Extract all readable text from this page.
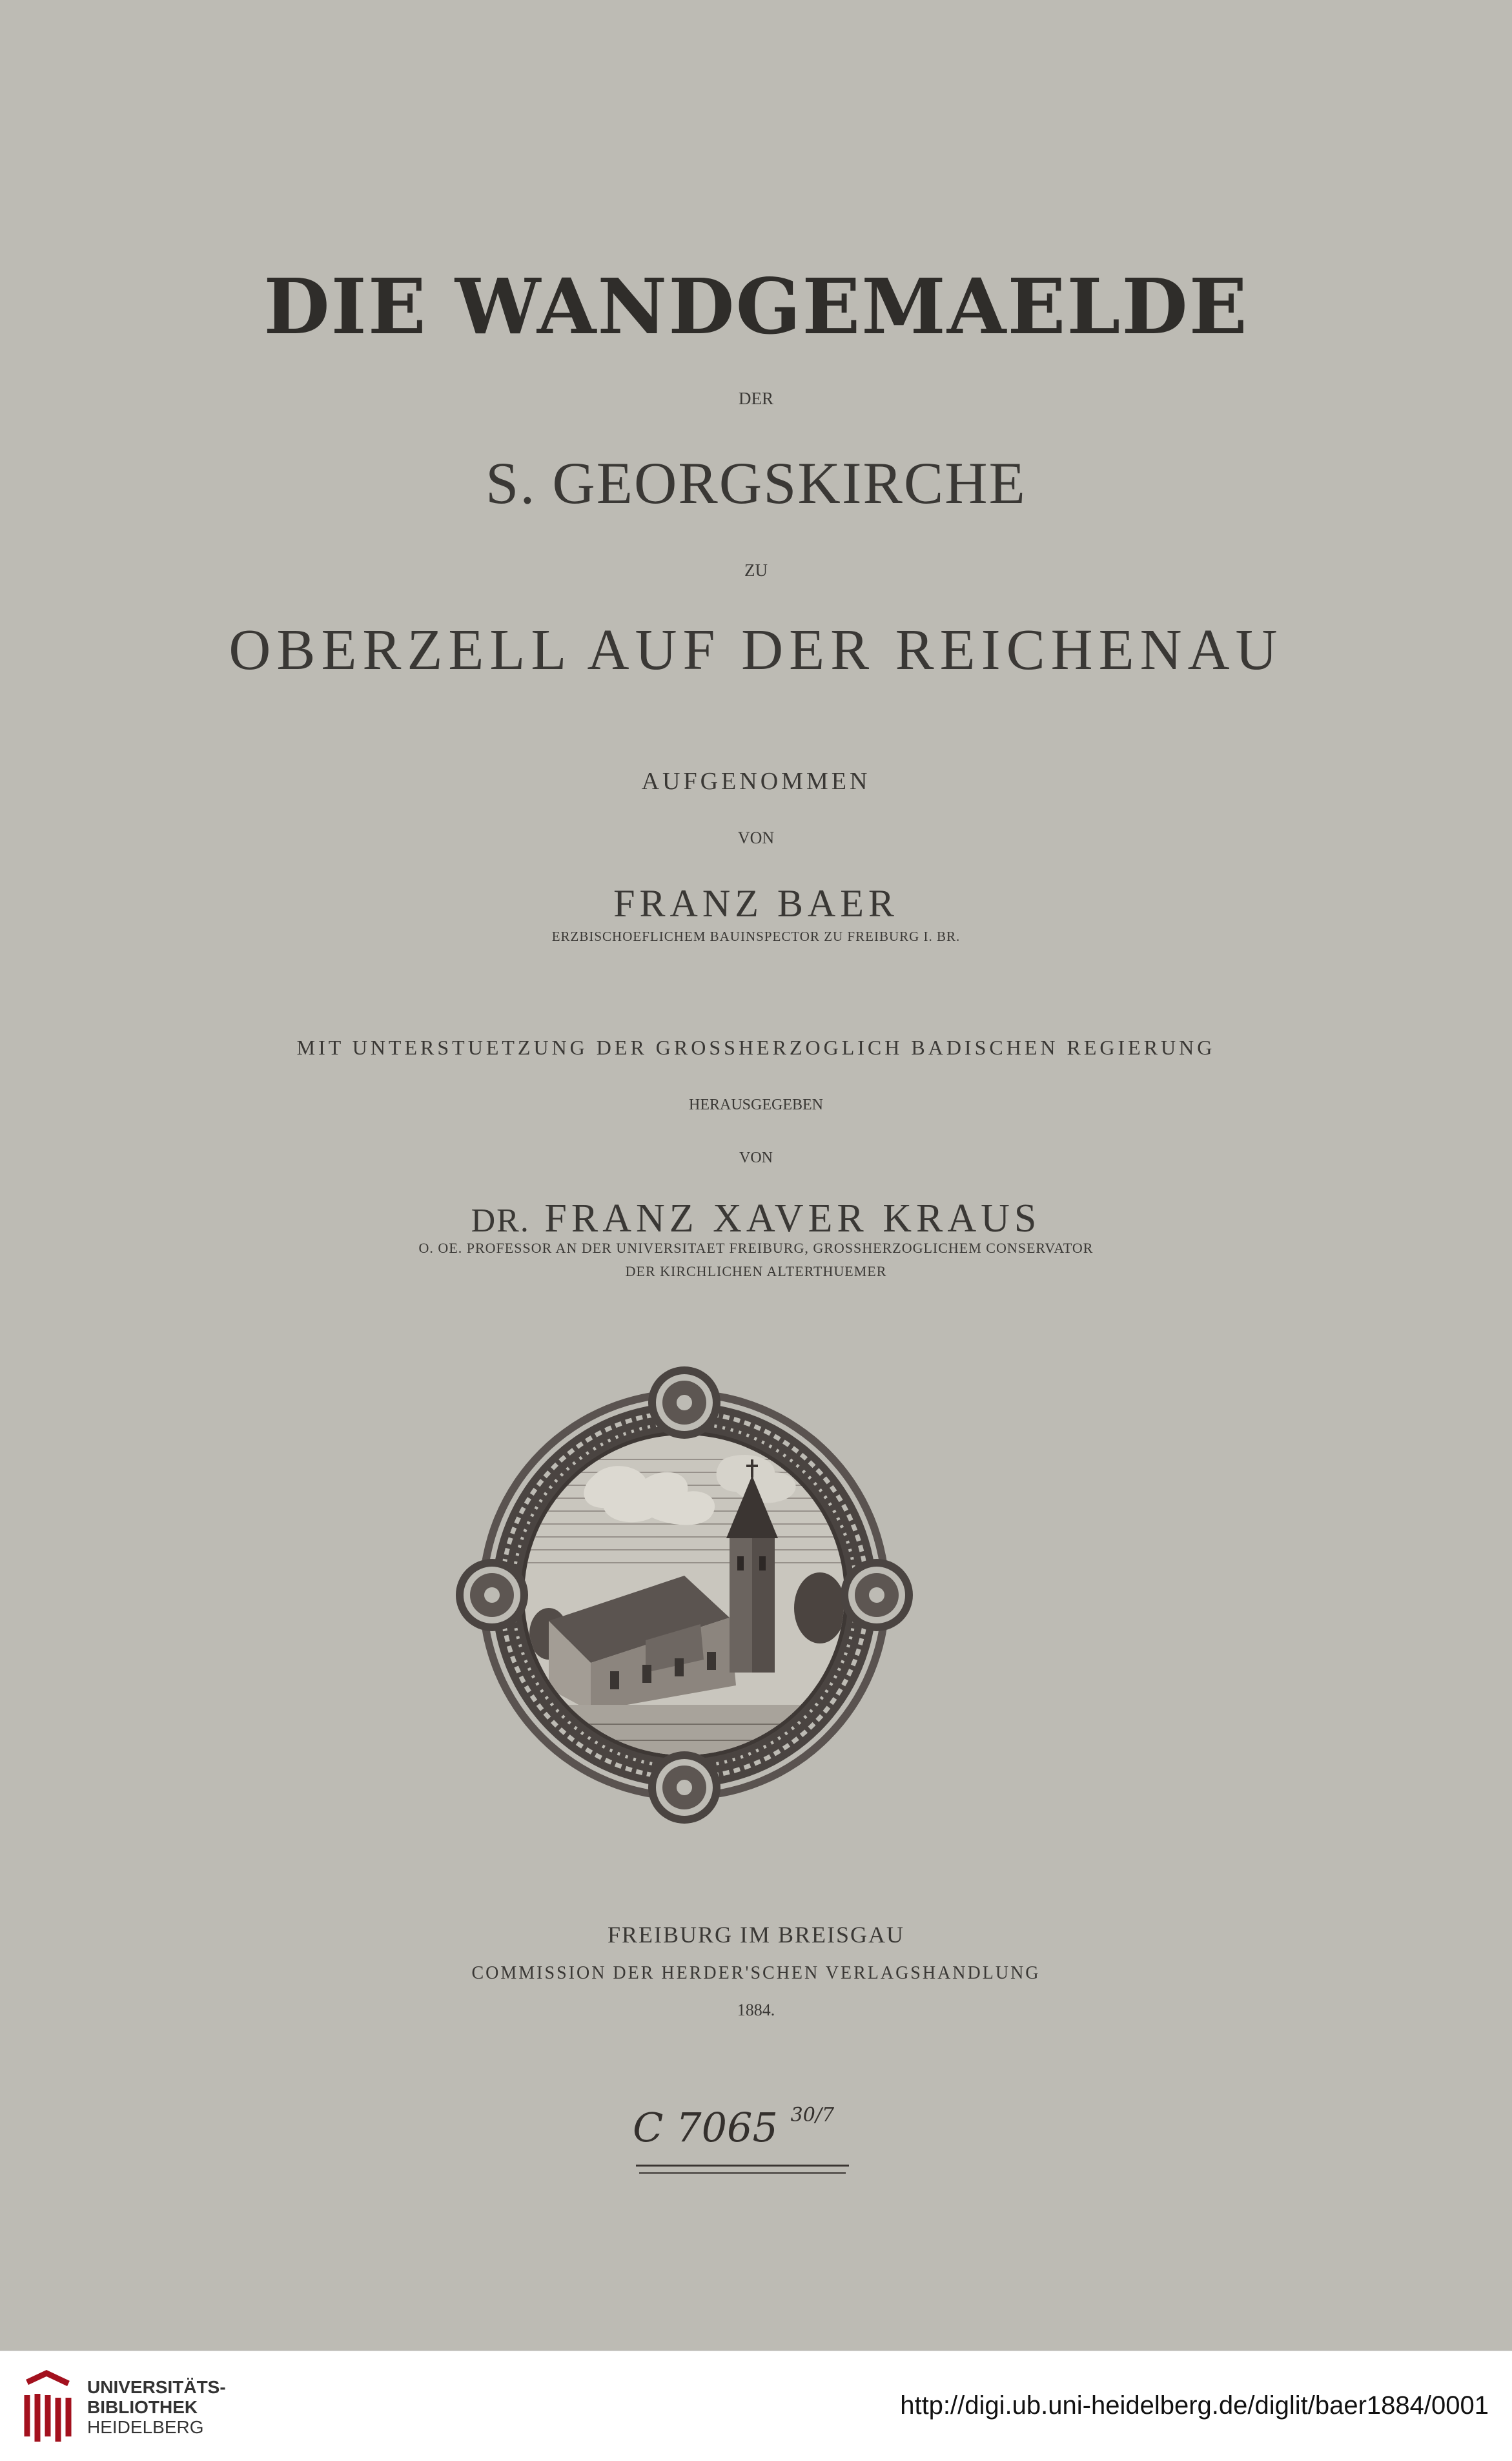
DIE WANDGEMAELDE
DER
S. GEORGSKIRCHE
ZU
OBERZELL AUF DER REICHENAU
AUFGENOMMEN
VON
FRANZ BAER
ERZBISCHOEFLICHEM BAUINSPECTOR ZU FREIBURG I. BR.
MIT UNTERSTUETZUNG DER GROSSHERZOGLICH BADISCHEN REGIERUNG
HERAUSGEGEBEN
VON
DR. FRANZ XAVER KRAUS
O. OE. PROFESSOR AN DER UNIVERSITAET FREIBURG, GROSSHERZOGLICHEM CONSERVATOR
DER KIRCHLICHEN ALTERTHUEMER
FREIBURG IM BREISGAU
COMMISSION DER HERDER'SCHEN VERLAGSHANDLUNG
1884.
C 7065 $^{30/7}$
UNIVERSITÄTS-
BIBLIOTHEK
HEIDELBERG
http://digi.ub.uni-heidelberg.de/diglit/baer1884/0001
